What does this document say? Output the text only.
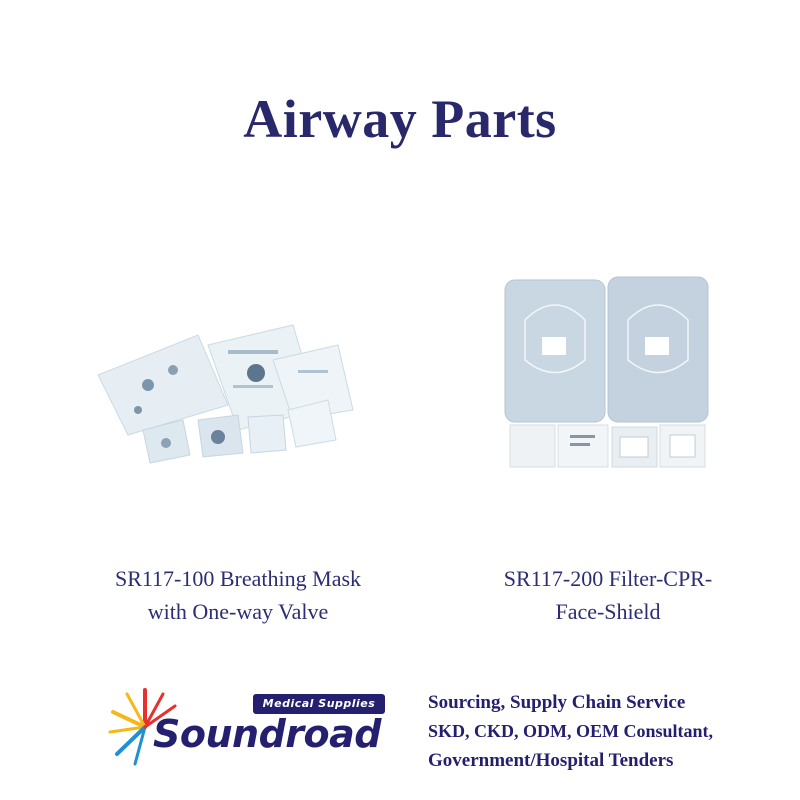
Airway Parts
SR117-100 Breathing Mask
with One-way Valve
SR117-200 Filter-CPR-
Face-Shield
Medical Supplies
Soundroad
Sourcing, Supply Chain Service
SKD, CKD, ODM, OEM Consultant,
Government/Hospital Tenders
